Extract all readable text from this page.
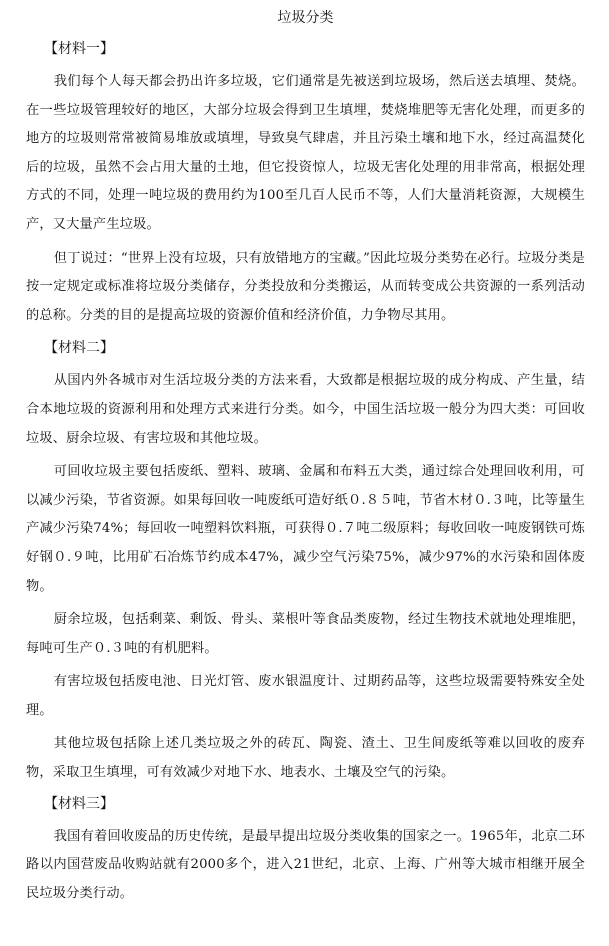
垃圾分类
【材料一】

我们每个人每天都会扔出许多垃圾，它们通常是先被送到垃圾场，然后送去填埋、焚烧。在一些垃圾管理较好的地区，大部分垃圾会得到卫生填埋，焚烧堆肥等无害化处理，而更多的地方的垃圾则常常被简易堆放或填埋，导致臭气肆虐，并且污染土壤和地下水，经过高温焚化后的垃圾，虽然不会占用大量的土地，但它投资惊人，垃圾无害化处理的用非常高，根据处理方式的不同，处理一吨垃圾的费用约为100至几百人民币不等，人们大量消耗资源，大规模生产，又大量产生垃圾。

但丁说过：“世界上没有垃圾，只有放错地方的宝藏。”因此垃圾分类势在必行。垃圾分类是按一定规定或标准将垃圾分类储存，分类投放和分类搬运，从而转变成公共资源的一系列活动的总称。分类的目的是提高垃圾的资源价值和经济价值，力争物尽其用。

【材料二】

从国内外各城市对生活垃圾分类的方法来看，大致都是根据垃圾的成分构成、产生量，结合本地垃圾的资源利用和处理方式来进行分类。如今，中国生活垃圾一般分为四大类：可回收垃圾、厨余垃圾、有害垃圾和其他垃圾。

可回收垃圾主要包括废纸、塑料、玻璃、金属和布料五大类，通过综合处理回收利用，可以减少污染，节省资源。如果每回收一吨废纸可造好纸０.８５吨，节省木材０.３吨，比等量生产减少污染74%；每回收一吨塑料饮料瓶，可获得０.７吨二级原料；每收回收一吨废钢铁可炼好钢０.９吨，比用矿石冶炼节约成本47%，减少空气污染75%，减少97%的水污染和固体废物。

厨余垃圾，包括剩菜、剩饭、骨头、菜根叶等食品类废物，经过生物技术就地处理堆肥，每吨可生产０.３吨的有机肥料。

有害垃圾包括废电池、日光灯管、废水银温度计、过期药品等，这些垃圾需要特殊安全处理。

其他垃圾包括除上述几类垃圾之外的砖瓦、陶瓷、渣土、卫生间废纸等难以回收的废弃物，采取卫生填埋，可有效减少对地下水、地表水、土壤及空气的污染。

【材料三】

我国有着回收废品的历史传统，是最早提出垃圾分类收集的国家之一。1965年，北京二环路以内国营废品收购站就有2000多个，进入21世纪，北京、上海、广州等大城市相继开展全民垃圾分类行动。
